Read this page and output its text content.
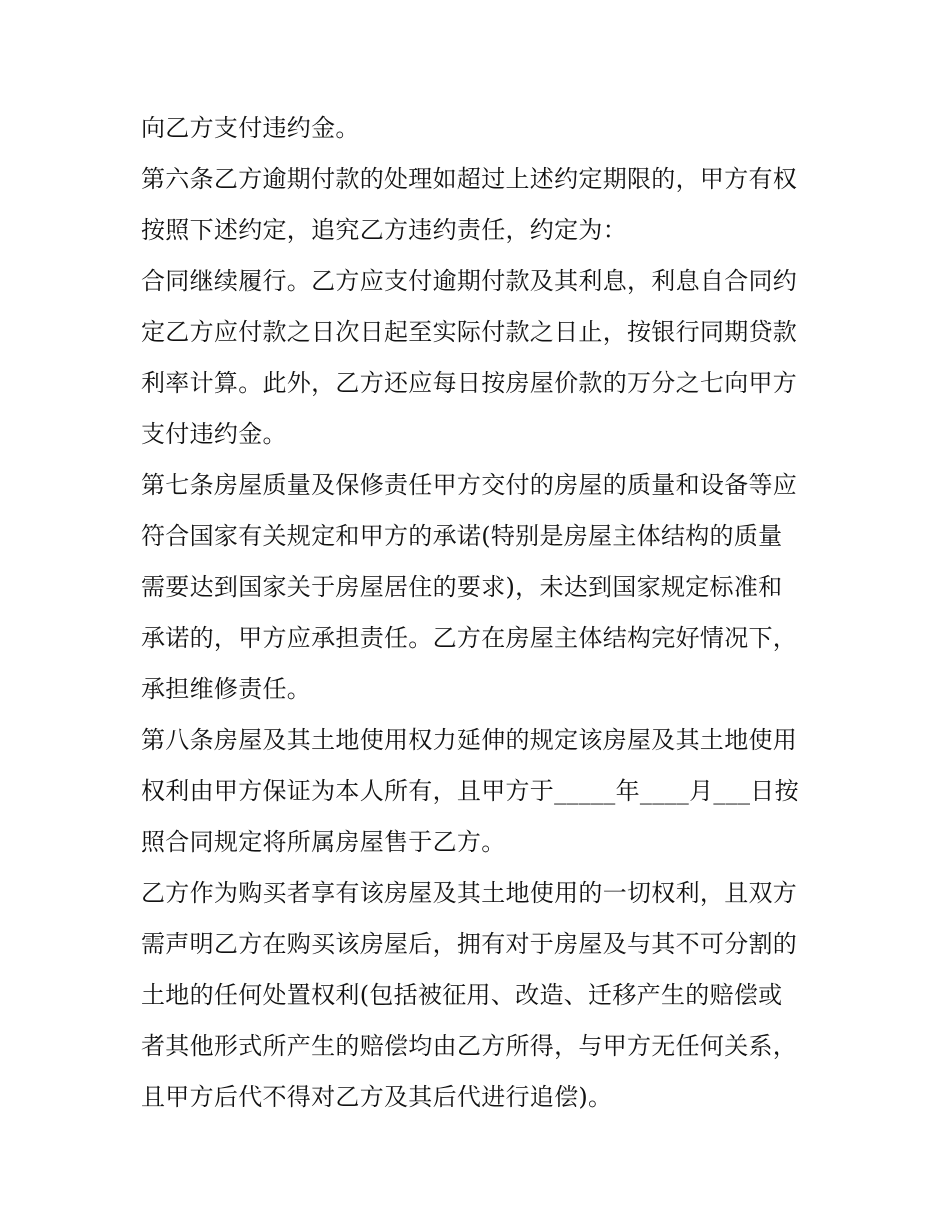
向乙方支付违约金。
第六条乙方逾期付款的处理如超过上述约定期限的，甲方有权
按照下述约定，追究乙方违约责任，约定为：
合同继续履行。乙方应支付逾期付款及其利息，利息自合同约
定乙方应付款之日次日起至实际付款之日止，按银行同期贷款
利率计算。此外，乙方还应每日按房屋价款的万分之七向甲方
支付违约金。
第七条房屋质量及保修责任甲方交付的房屋的质量和设备等应
符合国家有关规定和甲方的承诺(特别是房屋主体结构的质量
需要达到国家关于房屋居住的要求)，未达到国家规定标准和
承诺的，甲方应承担责任。乙方在房屋主体结构完好情况下，
承担维修责任。
第八条房屋及其土地使用权力延伸的规定该房屋及其土地使用
权利由甲方保证为本人所有，且甲方于_____年____月___日按
照合同规定将所属房屋售于乙方。
乙方作为购买者享有该房屋及其土地使用的一切权利，且双方
需声明乙方在购买该房屋后，拥有对于房屋及与其不可分割的
土地的任何处置权利(包括被征用、改造、迁移产生的赔偿或
者其他形式所产生的赔偿均由乙方所得，与甲方无任何关系，
且甲方后代不得对乙方及其后代进行追偿)。
